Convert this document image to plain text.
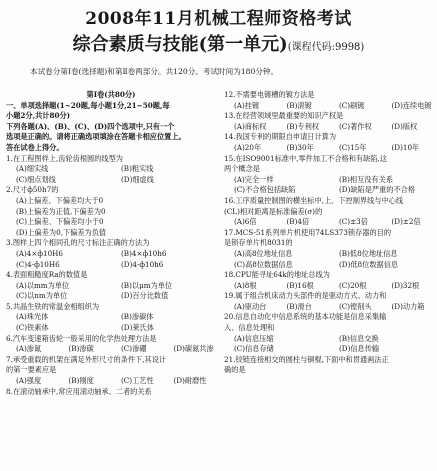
2008年11月机械工程师资格考试
综合素质与技能(第一单元)(课程代码:9998)
本试卷分第Ⅰ卷(选择题)和第Ⅱ卷两部分。共120分。考试时间为180分钟。
第Ⅰ卷(共80分)
一、单项选择题(1~20题,每小题1分,21~50题,每
小题2分,共计80分)
下列各题(A)、(B)、(C)、(D)四个选项中,只有一个
选项是正确的。请将正确选项填涂在答题卡相应位置上。
答在试卷上得分。
1.在工程图样上,齿轮齿根圆的线型为
(A)细实线	(B)粗实线
(C)细点划线	(D)细虚线
2.尺寸ф50h7的
(A)上偏差、下偏差均大于0
(B)上偏差为正值,下偏差为0
(C)上偏差、下偏差均小于0
(D)上偏差为0,下偏差为负值
3.图样上四个相同孔的尺寸标注正确的方法为
(A)4×ф10H6	(B)4×ф10h6
(C)4-ф10H6	(D)4-ф10h6
4.表面粗糙度Ra的数值是
(A)以mm为单位	(B)以μm为单位
(C)以nm为单位	(D)百分比数值
5.共晶生铁的常温金相组织为
(A)珠光体	(B)渗碳体
(C)铁素体	(D)莱氏体
6.汽车变速箱齿轮一般采用的化学热处理方法是
(A)渗氮	(B)渗碳	(C)渗硼	(D)碳氮共渗
7.承受重载的机架在满足外形尺寸的条件下,其设计
的第一要素应是
(A)强度	(B)刚度	(C)工艺性	(D)耐磨性
8.在滚动轴承中,常应用滚动轴承、二者的关系
12.不需要电镀槽的镀方法是
(A)挂镀	(B)滚镀	(C)刷镀	(D)连续电镀
13.在经营领域里最重要的知识产权是
(A)商标权	(B)专利权	(C)著作权	(D)版权
14.我国专利的期限自申请日计算为
(A)20年	(B)30年	(C)15年	(D)10年
15.在ISO9001标准中,零件加工不合格和有缺陷,这
两个概念是
(A)完全一样	(B)相互没有关系
(C)不合格包括缺陷	(D)缺陷是严重的不合格
16.工序质量控制图的横坐标中,上、下控制界线与中心线
(CL)相对距离是标准偏差(σ)的
(A)6倍	(B)4倍	(C)±3倍	(D)±2倍
17.MCS-51系列单片机使用74LS373锁存器的目的
是锁存单片机8031的
(A)高8位地址信息	(B)低8位地址信息
(C)高8位数据信息	(D)低8位数据信息
18.CPU能寻址64k的地址总线为
(A)8根	(B)16根	(C)20根	(D)32根
19.属于组合机床动力头部件的是驱动方式、动力和
(A)驱动台	(B)滑台	(C)镗削头	(D)动力箱
20.信息自动化中信息系统的基本功能是信息采集输
入、信息处理和
(A)信息压缩	(B)信息交换
(C)信息存储	(D)信息传输
21.铰链连接相交的圆柱与铜棍,下面中和贯通画法正
确的是
